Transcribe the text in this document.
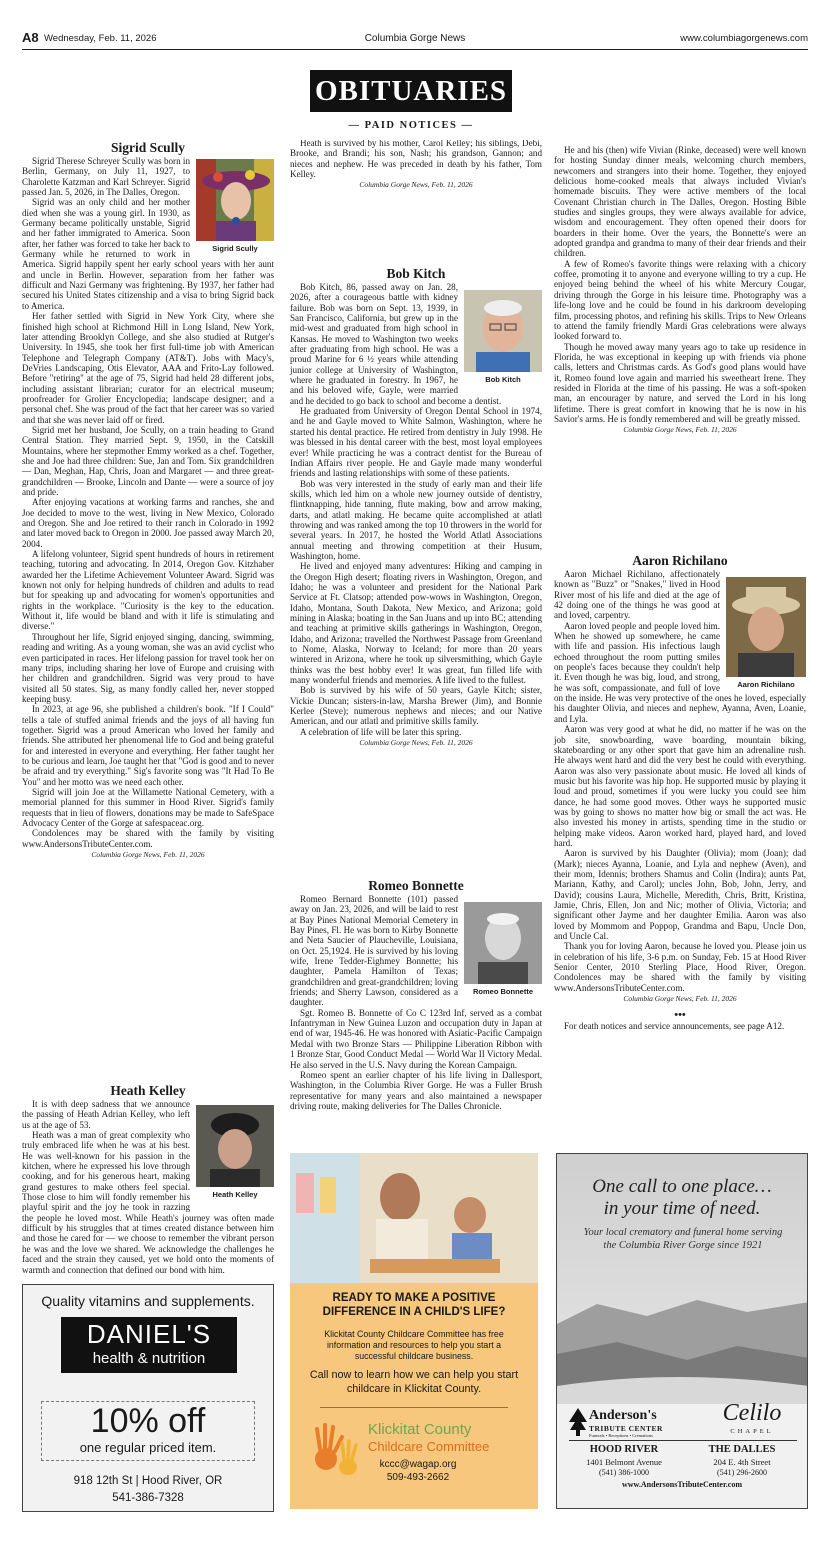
A8 Wednesday, Feb. 11, 2026	Columbia Gorge News	www.columbiagorgenews.com
OBITUARIES
— PAID NOTICES —
Sigrid Scully
Sigrid Scully

Sigrid Therese Schreyer Scully was born in Berlin, Germany, on July 11, 1927, to Charolette Katzman and Karl Schreyer. Sigrid passed Jan. 5, 2026, in The Dalles, Oregon.

Sigrid was an only child and her mother died when she was a young girl. In 1930, as Germany became politically unstable, Sigrid and her father immigrated to America. Soon after, her father was forced to take her back to Germany while he returned to work in America. Sigrid happily spent her early school years with her aunt and uncle in Berlin. However, separation from her father was difficult and Nazi Germany was frightening. By 1937, her father had secured his United States citizenship and a visa to bring Sigrid back to America.

Her father settled with Sigrid in New York City, where she finished high school at Richmond Hill in Long Island, New York, later attending Brooklyn College, and she also studied at Rutger's University. In 1945, she took her first full-time job with American Telephone and Telegraph Company (AT&T). Jobs with Macy's, DeVries Landscaping, Otis Elevator, AAA and Frito-Lay followed. Before "retiring" at the age of 75, Sigrid had held 28 different jobs, including assistant librarian; curator for an electrical museum; proofreader for Grolier Encyclopedia; landscape designer; and a personal chef. She was proud of the fact that her career was so varied and that she was never laid off or fired.

Sigrid met her husband, Joe Scully, on a train heading to Grand Central Station. They married Sept. 9, 1950, in the Catskill Mountains, where her stepmother Emmy worked as a chef. Together, she and Joe had three children: Sue, Jan and Tom. Six grandchildren — Dan, Meghan, Hap, Chris, Joan and Margaret — and three great-grandchildren — Brooke, Lincoln and Dante — were a source of joy and pride.

After enjoying vacations at working farms and ranches, she and Joe decided to move to the west, living in New Mexico, Colorado and Oregon. She and Joe retired to their ranch in Colorado in 1992 and later moved back to Oregon in 2000. Joe passed away March 20, 2004.

A lifelong volunteer, Sigrid spent hundreds of hours in retirement teaching, tutoring and advocating. In 2014, Oregon Gov. Kitzhaber awarded her the Lifetime Achievement Volunteer Award. Sigrid was known not only for helping hundreds of children and adults to read but for speaking up and advocating for women's opportunities and rights in the workplace. "Curiosity is the key to the education. Without it, life would be bland and with it life is stimulating and diverse."

Throughout her life, Sigrid enjoyed singing, dancing, swimming, reading and writing. As a young woman, she was an avid cyclist who even participated in races. Her lifelong passion for travel took her on many trips, including sharing her love of Europe and cruising with her children and grandchildren. Sigrid was very proud to have visited all 50 states. Sig, as many fondly called her, never stopped keeping busy.

In 2023, at age 96, she published a children's book. "If I Could" tells a tale of stuffed animal friends and the joys of all having fun together. Sigrid was a proud American who loved her family and friends. She attributed her phenomenal life to God and being grateful for and interested in everyone and everything. Her father taught her to be curious and learn, Joe taught her that "God is good and to never be afraid and try everything." Sig's favorite song was "It Had To Be You" and her motto was we need each other.

Sigrid will join Joe at the Willamette National Cemetery, with a memorial planned for this summer in Hood River. Sigrid's family requests that in lieu of flowers, donations may be made to SafeSpace Advocacy Center of the Gorge at safespaceac.org.

Condolences may be shared with the family by visiting www.AndersonsTributeCenter.com.

Columbia Gorge News, Feb. 11, 2026

Heath Kelley
Heath Kelley

It is with deep sadness that we announce the passing of Heath Adrian Kelley, who left us at the age of 53.

Heath was a man of great complexity who truly embraced life when he was at his best. He was well-known for his passion in the kitchen, where he expressed his love through cooking, and for his generous heart, making grand gestures to make others feel special. Those close to him will fondly remember his playful spirit and the joy he took in razzing the people he loved most. While Heath's journey was often made difficult by his struggles that at times created distance between him and those he cared for — we choose to remember the vibrant person he was and the love we shared. We acknowledge the challenges he faced and the strain they caused, yet we hold onto the moments of warmth and connection that defined our bond with him.

Heath is survived by his mother, Carol Kelley; his siblings, Debi, Brooke, and Brandi; his son, Nash; his grandson, Gannon; and nieces and nephew. He was preceded in death by his father, Tom Kelley.

Columbia Gorge News, Feb. 11, 2026

Bob Kitch
Bob Kitch

Bob Kitch, 86, passed away on Jan. 28, 2026, after a courageous battle with kidney failure. Bob was born on Sept. 13, 1939, in San Francisco, California, but grew up in the mid-west and graduated from high school in Kansas. He moved to Washington two weeks after graduating from high school. He was a proud Marine for 6 ½ years while attending junior college at University of Washington, where he graduated in forestry. In 1967, he and his beloved wife, Gayle, were married and he decided to go back to school and become a dentist.

He graduated from University of Oregon Dental School in 1974, and he and Gayle moved to White Salmon, Washington, where he started his dental practice. He retired from dentistry in July 1998. He was blessed in his dental career with the best, most loyal employees ever! While practicing he was a contract dentist for the Bureau of Indian Affairs river people. He and Gayle made many wonderful friends and lasting relationships with some of these patients.

Bob was very interested in the study of early man and their life skills, which led him on a whole new journey outside of dentistry, flintknapping, hide tanning, flute making, bow and arrow making, darts, and atlatl making. He became quite accomplished at atlatl throwing and was ranked among the top 10 throwers in the world for several years. In 2017, he hosted the World Atlatl Associations annual meeting and throwing competition at their Husum, Washington, home.

He lived and enjoyed many adventures: Hiking and camping in the Oregon High desert; floating rivers in Washington, Oregon, and Idaho; he was a volunteer and president for the National Park Service at Ft. Clatsop; attended pow-wows in Washington, Oregon, Idaho, Montana, South Dakota, New Mexico, and Arizona; gold mining in Alaska; boating in the San Juans and up into BC; attending and teaching at primitive skills gatherings in Washington, Oregon, Idaho, and Arizona; travelled the Northwest Passage from Greenland to Nome, Alaska, Norway to Iceland; for more than 20 years wintered in Arizona, where he took up silversmithing, which Gayle thinks was the best hobby ever! It was great, fun filled life with many wonderful friends and memories. A life lived to the fullest.

Bob is survived by his wife of 50 years, Gayle Kitch; sister, Vickie Duncan; sisters-in-law, Marsha Brewer (Jim), and Bonnie Kerlee (Steve); numerous nephews and nieces; and our Native American, and our atlatl and primitive skills family.

A celebration of life will be later this spring.

Columbia Gorge News, Feb. 11, 2026

Romeo Bonnette
Romeo Bonnette

Romeo Bernard Bonnette (101) passed away on Jan. 23, 2026, and will be laid to rest at Bay Pines National Memorial Cemetery in Bay Pines, Fl. He was born to Kirby Bonnette and Neta Saucier of Plaucheville, Louisiana, on Oct. 25,1924. He is survived by his loving wife, Irene Tedder-Eighmey Bonnette; his daughter, Pamela Hamilton of Texas; grandchildren and great-grandchildren; loving friends; and Sherry Lawson, considered as a daughter.

Sgt. Romeo B. Bonnette of Co C 123rd Inf, served as a combat Infantryman in New Guinea Luzon and occupation duty in Japan at end of war, 1945-46. He was honored with Asiatic-Pacific Campaign Medal with two Bronze Stars — Philippine Liberation Ribbon with 1 Bronze Star, Good Conduct Medal — World War II Victory Medal. He also served in the U.S. Navy during the Korean Campaign.

Romeo spent an earlier chapter of his life living in Dallesport, Washington, in the Columbia River Gorge. He was a Fuller Brush representative for many years and also maintained a newspaper driving route, making deliveries for The Dalles Chronicle.

He and his (then) wife Vivian (Rinke, deceased) were well known for hosting Sunday dinner meals, welcoming church members, newcomers and strangers into their home. Together, they enjoyed delicious home-cooked meals that always included Vivian's homemade biscuits. They were active members of the local Covenant Christian church in The Dalles, Oregon. Hosting Bible studies and singles groups, they were always available for advice, wisdom and encouragement. They often opened their doors for boarders in their home. Over the years, the Bonnette's were an adopted grandpa and grandma to many of their dear friends and their children.

A few of Romeo's favorite things were relaxing with a chicory coffee, promoting it to anyone and everyone willing to try a cup. He enjoyed being behind the wheel of his white Mercury Cougar, driving through the Gorge in his leisure time. Photography was a life-long love and he could be found in his darkroom developing film, processing photos, and refining his skills. Trips to New Orleans to attend the family friendly Mardi Gras celebrations were always looked forward to.

Though he moved away many years ago to take up residence in Florida, he was exceptional in keeping up with friends via phone calls, letters and Christmas cards. As God's good plans would have it, Romeo found love again and married his sweetheart Irene. They resided in Florida at the time of his passing. He was a soft-spoken man, an encourager by nature, and served the Lord in his long lifetime. There is great comfort in knowing that he is now in his Savior's arms. He is fondly remembered and will be greatly missed.

Columbia Gorge News, Feb. 11, 2026

Aaron Richilano
Aaron Richilano

Aaron Michael Richilano, affectionately known as "Buzz" or "Snakes," lived in Hood River most of his life and died at the age of 42 doing one of the things he was good at and loved, carpentry.

Aaron loved people and people loved him. When he showed up somewhere, he came with life and passion. His infectious laugh echoed throughout the room putting smiles on people's faces because they couldn't help it. Even though he was big, loud, and strong, he was soft, compassionate, and full of love on the inside. He was very protective of the ones he loved, especially his daughter Olivia, and nieces and nephew, Ayanna, Aven, Loanie, and Lyla.

Aaron was very good at what he did, no matter if he was on the job site, snowboarding, wave boarding, mountain biking, skateboarding or any other sport that gave him an adrenaline rush. He always went hard and did the very best he could with everything. Aaron was also very passionate about music. He loved all kinds of music but his favorite was hip hop. He supported music by playing it loud and proud, sometimes if you were lucky you could see him dance, he had some good moves. Other ways he supported music was by going to shows no matter how big or small the act was. He also invested his money in artists, spending time in the studio or helping make videos. Aaron worked hard, played hard, and loved hard.

Aaron is survived by his Daughter (Olivia); mom (Joan); dad (Mark); nieces Ayanna, Loanie, and Lyla and nephew (Aven), and their mom, Idennis; brothers Shamus and Colin (Indira); aunts Pat, Mariann, Kathy, and Carol); uncles John, Bob, John, Jerry, and David); cousins Laura, Michelle, Meredith, Chris, Britt, Kristina, Jamie, Chris, Ellen, Jon and Nic; mother of Olivia, Victoria; and significant other Jayme and her daughter Emilia. Aaron was also loved by Mommom and Poppop, Grandma and Bapu, Uncle Don, and Uncle Cal.

Thank you for loving Aaron, because he loved you. Please join us in celebration of his life, 3-6 p.m. on Sunday, Feb. 15 at Hood River Senior Center, 2010 Sterling Place, Hood River, Oregon. Condolences may be shared with the family by visiting www.AndersonsTributeCenter.com.

Columbia Gorge News, Feb. 11, 2026

•••

For death notices and service announcements, see page A12.

Quality vitamins and supplements.
DANIEL'S
health & nutrition
10% off
one regular priced item.
918 12th St | Hood River, OR
541-386-7328
READY TO MAKE A POSITIVE DIFFERENCE IN A CHILD'S LIFE?
Klickitat County Childcare Committee has free information and resources to help you start a successful childcare business.
Call now to learn how we can help you start childcare in Klickitat County.
Klickitat County
Childcare Committee
kccc@wagap.org
509-493-2662
One call to one place…
in your time of need.
Your local crematory and funeral home serving the Columbia River Gorge since 1921
Anderson's
TRIBUTE CENTER
Funerals • Receptions • Cremations
Celilo
CHAPEL
HOOD RIVER
1401 Belmont Avenue
(541) 386-1000
THE DALLES
204 E. 4th Street
(541) 296-2600
www.AndersonsTributeCenter.com
